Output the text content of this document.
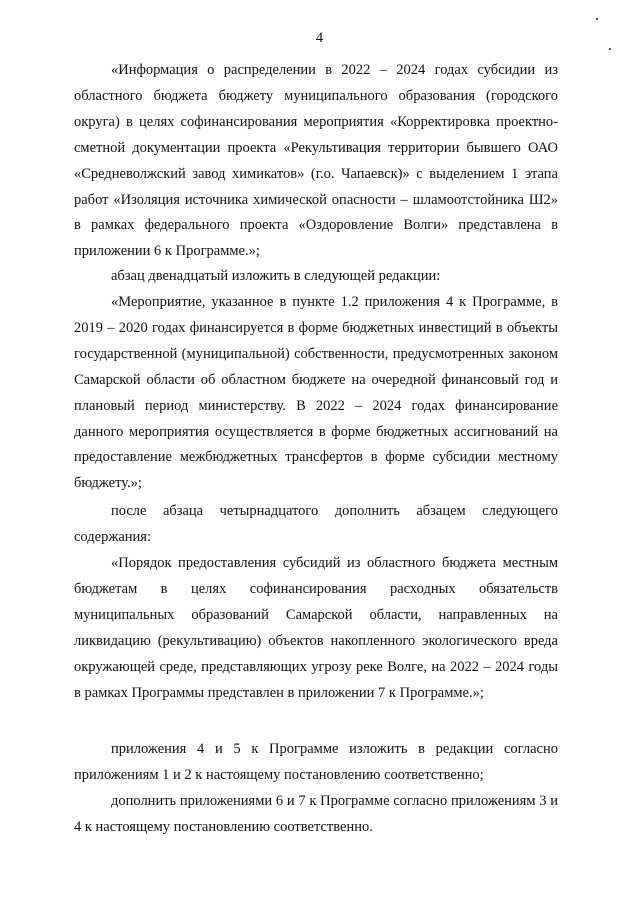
4

«Информация о распределении в 2022 – 2024 годах субсидии из областного бюджета бюджету муниципального образования (городского округа) в целях софинансирования мероприятия «Корректировка проектно-сметной документации проекта «Рекультивация территории бывшего ОАО «Средневолжский завод химикатов» (г.о. Чапаевск)» с выделением 1 этапа работ «Изоляция источника химической опасности – шламоотстойника Ш2» в рамках федерального проекта «Оздоровление Волги» представлена в приложении 6 к Программе.»;

абзац двенадцатый изложить в следующей редакции:

«Мероприятие, указанное в пункте 1.2 приложения 4 к Программе, в 2019 – 2020 годах финансируется в форме бюджетных инвестиций в объекты государственной (муниципальной) собственности, предусмотренных законом Самарской области об областном бюджете на очередной финансовый год и плановый период министерству. В 2022 – 2024 годах финансирование данного мероприятия осуществляется в форме бюджетных ассигнований на предоставление межбюджетных трансфертов в форме субсидии местному бюджету.»;

после абзаца четырнадцатого дополнить абзацем следующего содержания:

«Порядок предоставления субсидий из областного бюджета местным бюджетам в целях софинансирования расходных обязательств муниципальных образований Самарской области, направленных на ликвидацию (рекультивацию) объектов накопленного экологического вреда окружающей среде, представляющих угрозу реке Волге, на 2022 – 2024 годы в рамках Программы представлен в приложении 7 к Программе.»;

приложения 4 и 5 к Программе изложить в редакции согласно приложениям 1 и 2 к настоящему постановлению соответственно;

дополнить приложениями 6 и 7 к Программе согласно приложениям 3 и 4 к настоящему постановлению соответственно.
